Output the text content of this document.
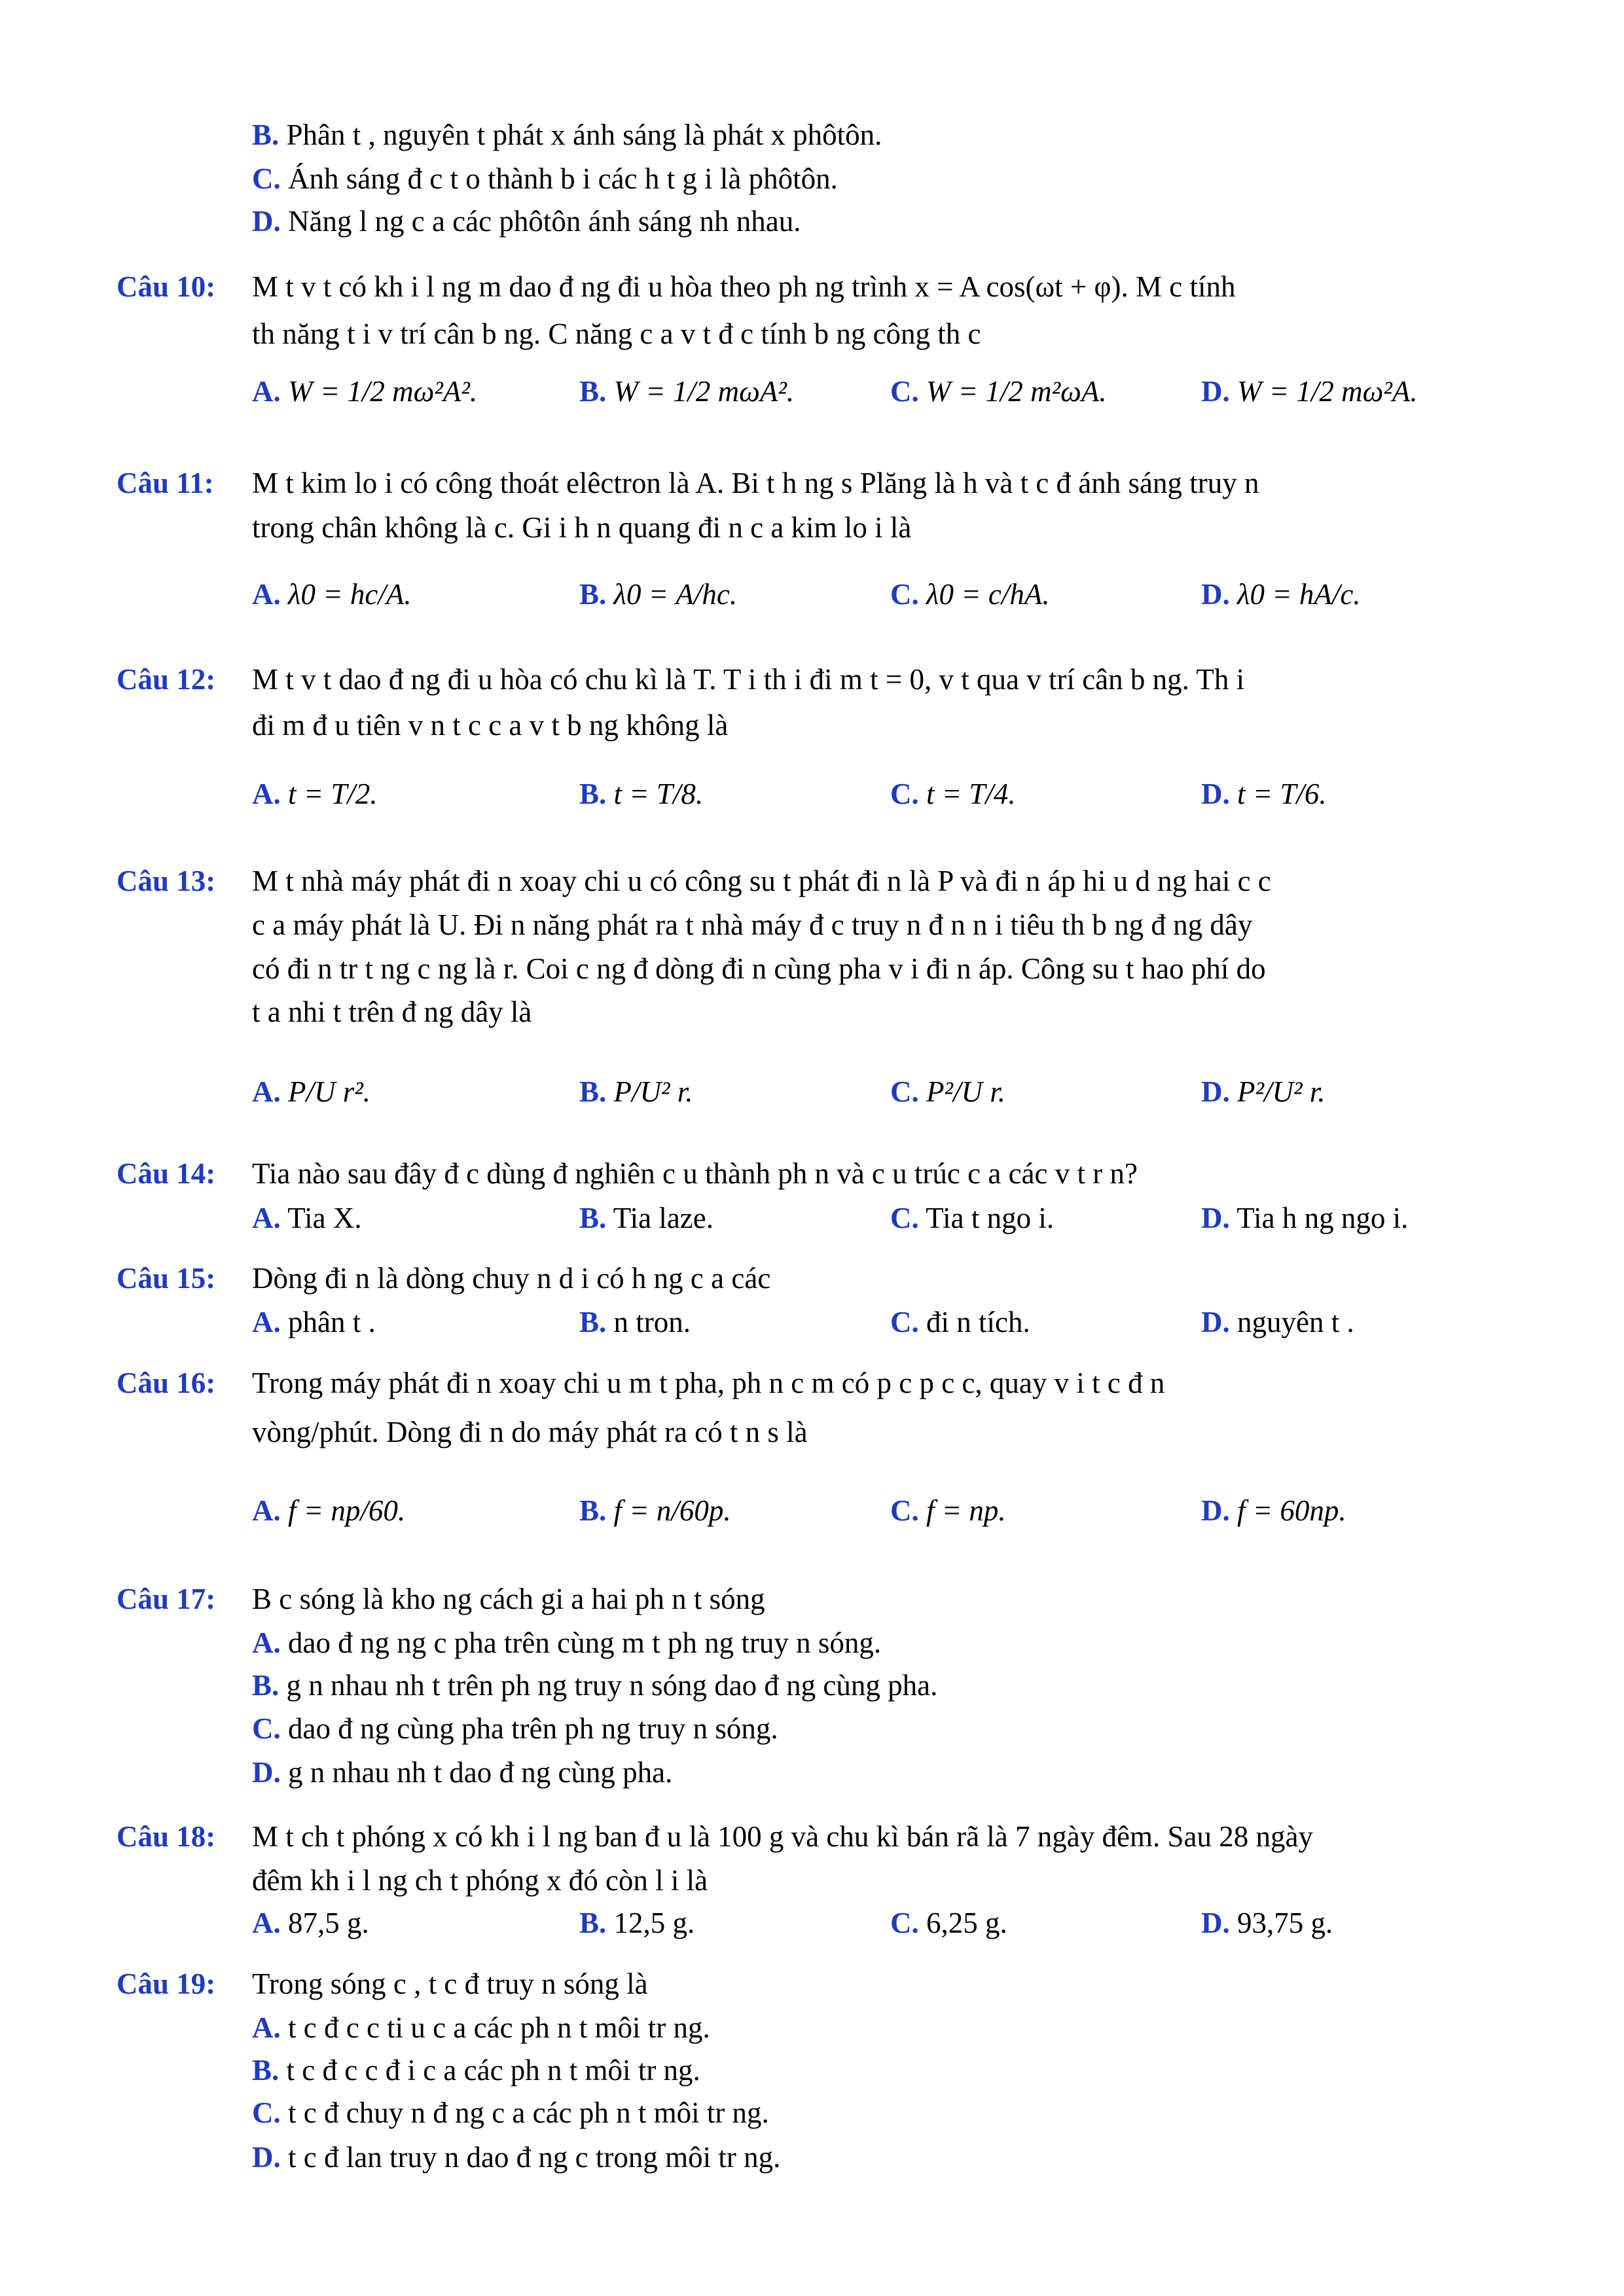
B. Phân t , nguyên t phát x ánh sáng là phát x phôtôn.
C. Ánh sáng đ c t o thành b i các h t g i là phôtôn.
D. Năng l ng c a các phôtôn ánh sáng nh nhau.
Câu 10: M t v t có kh i l ng m dao đ ng đi u hòa theo ph ng trình x = A cos(ωt + φ). M c tính
th năng t i v trí cân b ng. C năng c a v t đ c tính b ng công th c
A. W = 1/2 mω²A².	B. W = 1/2 mωA².	C. W = 1/2 m²ωA.	D. W = 1/2 mω²A.
Câu 11: M t kim lo i có công thoát elêctron là A. Bi t h ng s Plăng là h và t c đ ánh sáng truy n
trong chân không là c. Gi i h n quang đi n c a kim lo i là
A. λ0 = hc/A.	B. λ0 = A/hc.	C. λ0 = c/hA.	D. λ0 = hA/c.
Câu 12: M t v t dao đ ng đi u hòa có chu kì là T. T i th i đi m t = 0, v t qua v trí cân b ng. Th i
đi m đ u tiên v n t c c a v t b ng không là
A. t = T/2.	B. t = T/8.	C. t = T/4.	D. t = T/6.
Câu 13: M t nhà máy phát đi n xoay chi u có công su t phát đi n là P và đi n áp hi u d ng hai c c
c a máy phát là U. Đi n năng phát ra t nhà máy đ c truy n đ n n i tiêu th b ng đ ng dây
có đi n tr t ng c ng là r. Coi c ng đ dòng đi n cùng pha v i đi n áp. Công su t hao phí do
t a nhi t trên đ ng dây là
A. P/U r².	B. P/U² r.	C. P²/U r.	D. P²/U² r.
Câu 14: Tia nào sau đây đ c dùng đ nghiên c u thành ph n và c u trúc c a các v t r n?
A. Tia X.	B. Tia laze.	C. Tia t ngo i.	D. Tia h ng ngo i.
Câu 15: Dòng đi n là dòng chuy n d i có h ng c a các
A. phân t .	B. n tron.	C. đi n tích.	D. nguyên t .
Câu 16: Trong máy phát đi n xoay chi u m t pha, ph n c m có p c p c c, quay v i t c đ n
vòng/phút. Dòng đi n do máy phát ra có t n s là
A. f = np/60.	B. f = n/60p.	C. f = np.	D. f = 60np.
Câu 17: B c sóng là kho ng cách gi a hai ph n t sóng
A. dao đ ng ng c pha trên cùng m t ph ng truy n sóng.
B. g n nhau nh t trên ph ng truy n sóng dao đ ng cùng pha.
C. dao đ ng cùng pha trên ph ng truy n sóng.
D. g n nhau nh t dao đ ng cùng pha.
Câu 18: M t ch t phóng x có kh i l ng ban đ u là 100 g và chu kì bán rã là 7 ngày đêm. Sau 28 ngày
đêm kh i l ng ch t phóng x đó còn l i là
A. 87,5 g.	B. 12,5 g.	C. 6,25 g.	D. 93,75 g.
Câu 19: Trong sóng c , t c đ truy n sóng là
A. t c đ c c ti u c a các ph n t môi tr ng.
B. t c đ c c đ i c a các ph n t môi tr ng.
C. t c đ chuy n đ ng c a các ph n t môi tr ng.
D. t c đ lan truy n dao đ ng c trong môi tr ng.
